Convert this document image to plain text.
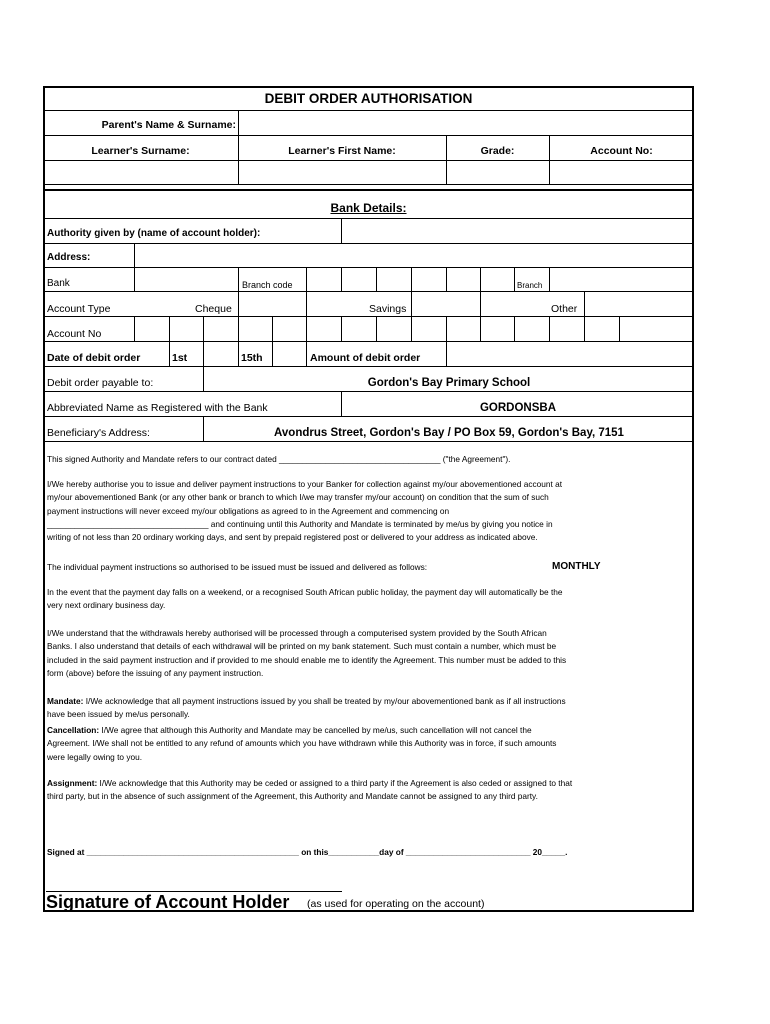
DEBIT ORDER AUTHORISATION
Parent's Name & Surname:
Learner's Surname:	Learner's First Name:	Grade:	Account No:
Bank Details:
Authority given by (name of account holder):
Address:
Bank	Branch code	Branch
Account Type	Cheque	Savings	Other
Account No
Date of debit order	1st	15th	Amount of debit order
Debit order payable to:	Gordon's Bay Primary School
Abbreviated Name as Registered with the Bank	GORDONSBA
Beneficiary's Address:	Avondrus Street, Gordon's Bay / PO Box 59, Gordon's Bay, 7151
This signed Authority and Mandate refers to our contract dated ___________________________________ ("the Agreement").
I/We hereby authorise you to issue and deliver payment instructions to your Banker for collection against my/our abovementioned account at
my/our abovementioned Bank (or any other bank or branch to which I/we may transfer my/our account) on condition that the sum of such
payment instructions will never exceed my/our obligations as agreed to in the Agreement and commencing on
___________________________________ and continuing until this Authority and Mandate is terminated by me/us by giving you notice in
writing of not less than 20 ordinary working days, and sent by prepaid registered post or delivered to your address as indicated above.
The individual payment instructions so authorised to be issued must be issued and delivered as follows:	MONTHLY
In the event that the payment day falls on a weekend, or a recognised South African public holiday, the payment day will automatically be the
very next ordinary business day.
I/We understand that the withdrawals hereby authorised will be processed through a computerised system provided by the South African
Banks. I also understand that details of each withdrawal will be printed on my bank statement. Such must contain a number, which must be
included in the said payment instruction and if provided to me should enable me to identify the Agreement. This number must be added to this
form (above) before the issuing of any payment instruction.
Mandate: I/We acknowledge that all payment instructions issued by you shall be treated by my/our abovementioned bank as if all instructions
have been issued by me/us personally.
Cancellation: I/We agree that although this Authority and Mandate may be cancelled by me/us, such cancellation will not cancel the
Agreement. I/We shall not be entitled to any refund of amounts which you have withdrawn while this Authority was in force, if such amounts
were legally owing to you.
Assignment: I/We acknowledge that this Authority may be ceded or assigned to a third party if the Agreement is also ceded or assigned to that
third party, but in the absence of such assignment of the Agreement, this Authority and Mandate cannot be assigned to any third party.
Signed at ______________________________________________ on this___________day of ___________________________ 20_____.
Signature of Account Holder (as used for operating on the account)
